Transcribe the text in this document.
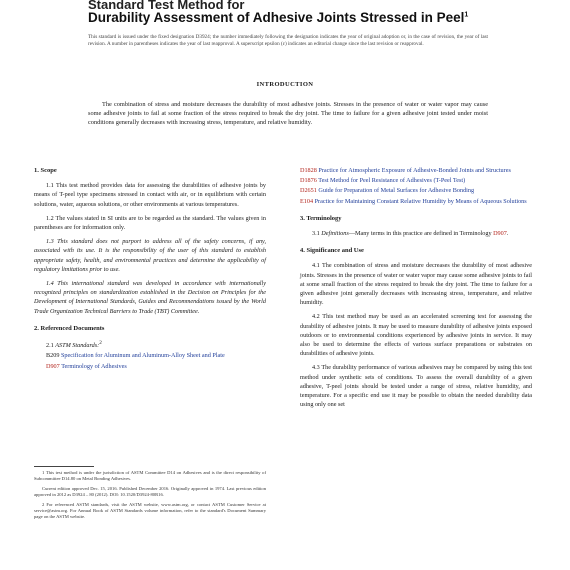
Standard Test Method for
Durability Assessment of Adhesive Joints Stressed in Peel$^1$
This standard is issued under the fixed designation D3924; the number immediately following the designation indicates the year of original adoption or, in the case of revision, the year of last revision. A number in parentheses indicates the year of last reapproval. A superscript epsilon (ε) indicates an editorial change since the last revision or reapproval.
INTRODUCTION
The combination of stress and moisture decreases the durability of most adhesive joints. Stresses in the presence of water or water vapor may cause some adhesive joints to fail at some fraction of the stress required to break the dry joint. The time to failure for a given adhesive joint tested under moist conditions generally decreases with increasing stress, temperature, and relative humidity.
1. Scope

1.1 This test method provides data for assessing the durabilities of adhesive joints by means of T-peel type specimens stressed in contact with air, or in equilibrium with certain solutions, water, aqueous solutions, or other environments at various temperatures.

1.2 The values stated in SI units are to be regarded as the standard. The values given in parentheses are for information only.

1.3 This standard does not purport to address all of the safety concerns, if any, associated with its use. It is the responsibility of the user of this standard to establish appropriate safety, health, and environmental practices and determine the applicability of regulatory limitations prior to use.

1.4 This international standard was developed in accordance with internationally recognized principles on standardization established in the Decision on Principles for the Development of International Standards, Guides and Recommendations issued by the World Trade Organization Technical Barriers to Trade (TBT) Committee.

2. Referenced Documents
2.1 ASTM Standards:$^2$
B209 Specification for Aluminum and Aluminum-Alloy Sheet and Plate
D907 Terminology of Adhesives

1 This test method is under the jurisdiction of ASTM Committee D14 on Adhesives and is the direct responsibility of Subcommittee D14.80 on Metal Bonding Adhesives.

Current edition approved Dec. 15, 2016. Published December 2016. Originally approved in 1974. Last previous edition approved in 2012 as D3924 – 80 (2012). DOI: 10.1520/D3924-80R16.

2 For referenced ASTM standards, visit the ASTM website, www.astm.org, or contact ASTM Customer Service at service@astm.org. For Annual Book of ASTM Standards volume information, refer to the standard's Document Summary page on the ASTM website.

D1828 Practice for Atmospheric Exposure of Adhesive-Bonded Joints and Structures
D1876 Test Method for Peel Resistance of Adhesives (T-Peel Test)
D2651 Guide for Preparation of Metal Surfaces for Adhesive Bonding
E104 Practice for Maintaining Constant Relative Humidity by Means of Aqueous Solutions
3. Terminology

3.1 Definitions—Many terms in this practice are defined in Terminology D907.

4. Significance and Use

4.1 The combination of stress and moisture decreases the durability of most adhesive joints. Stresses in the presence of water or water vapor may cause some adhesive joints to fail at some small fraction of the stress required to break the dry joint. The time to failure for a given adhesive joint generally decreases with increasing stress, temperature, and relative humidity.

4.2 This test method may be used as an accelerated screening test for assessing the durability of adhesive joints. It may be used to measure durability of adhesive joints exposed outdoors or to environmental conditions experienced by adhesive joints in service. It may also be used to determine the effects of various surface preparations or substrates on durabilities of adhesive joints.

4.3 The durability performance of various adhesives may be compared by using this test method under synthetic sets of conditions. To assess the overall durability of a given adhesive, T-peel joints should be tested under a range of stress, relative humidity, and temperature. For a specific end use it may be possible to obtain the needed durability data using only one set
